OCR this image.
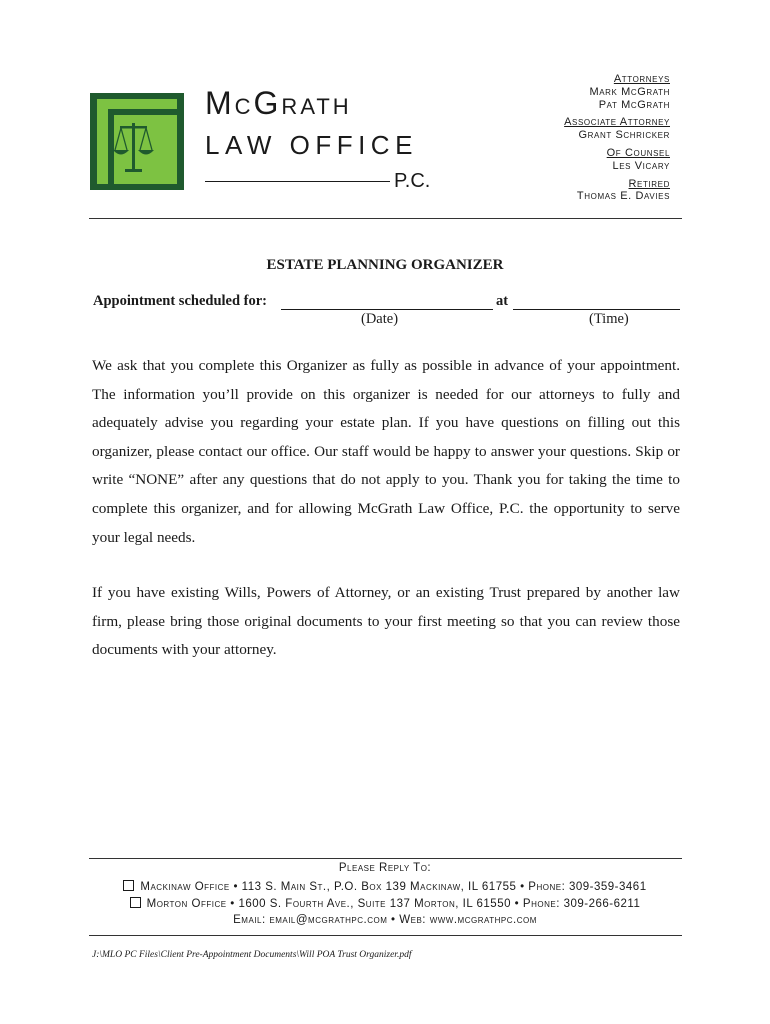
McGrath
LAW OFFICE
P.C.
Attorneys
Mark McGrath
Pat McGrath
Associate Attorney
Grant Schricker
Of Counsel
Les Vicary
Retired
Thomas E. Davies
ESTATE PLANNING ORGANIZER
Appointment scheduled for:	at
(Date)	(Time)
We ask that you complete this Organizer as fully as possible in advance of your appointment. The information you’ll provide on this organizer is needed for our attorneys to fully and adequately advise you regarding your estate plan. If you have questions on filling out this organizer, please contact our office. Our staff would be happy to answer your questions. Skip or write “NONE” after any questions that do not apply to you. Thank you for taking the time to complete this organizer, and for allowing McGrath Law Office, P.C. the opportunity to serve your legal needs.
If you have existing Wills, Powers of Attorney, or an existing Trust prepared by another law firm, please bring those original documents to your first meeting so that you can review those documents with your attorney.
Please Reply To:
Mackinaw Office • 113 S. Main St., P.O. Box 139 Mackinaw, IL 61755 • Phone: 309-359-3461
Morton Office • 1600 S. Fourth Ave., Suite 137 Morton, IL 61550 • Phone: 309-266-6211
Email: email@mcgrathpc.com • Web: www.mcgrathpc.com
J:\MLO PC Files\Client Pre-Appointment Documents\Will POA Trust Organizer.pdf
